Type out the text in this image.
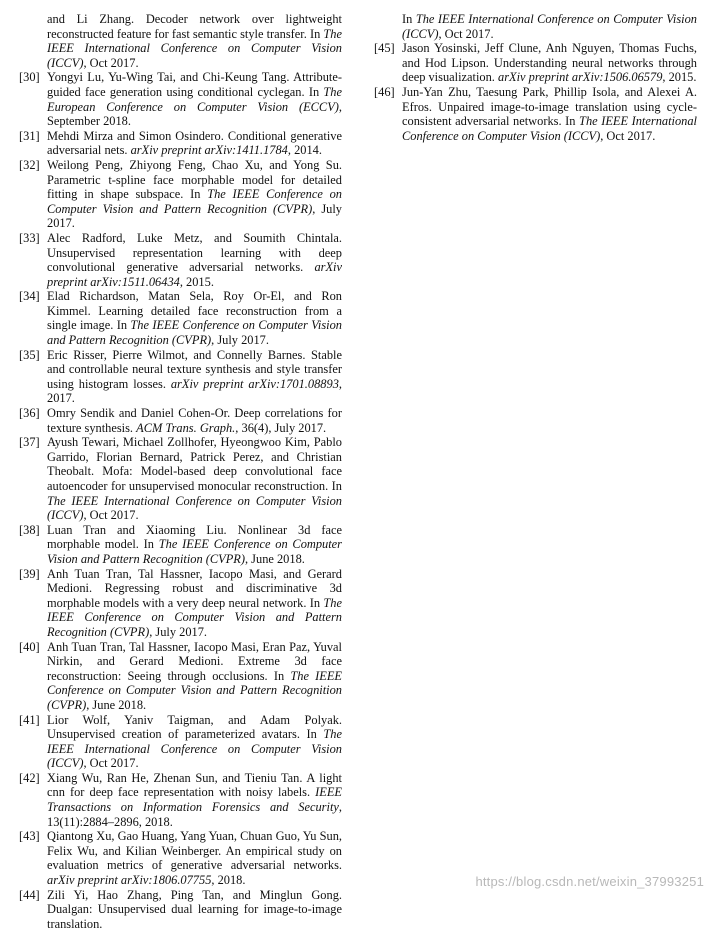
and Li Zhang. Decoder network over lightweight reconstructed feature for fast semantic style transfer. In The IEEE International Conference on Computer Vision (ICCV), Oct 2017.
[30] Yongyi Lu, Yu-Wing Tai, and Chi-Keung Tang. Attribute-guided face generation using conditional cyclegan. In The European Conference on Computer Vision (ECCV), September 2018.
[31] Mehdi Mirza and Simon Osindero. Conditional generative adversarial nets. arXiv preprint arXiv:1411.1784, 2014.
[32] Weilong Peng, Zhiyong Feng, Chao Xu, and Yong Su. Parametric t-spline face morphable model for detailed fitting in shape subspace. In The IEEE Conference on Computer Vision and Pattern Recognition (CVPR), July 2017.
[33] Alec Radford, Luke Metz, and Soumith Chintala. Unsupervised representation learning with deep convolutional generative adversarial networks. arXiv preprint arXiv:1511.06434, 2015.
[34] Elad Richardson, Matan Sela, Roy Or-El, and Ron Kimmel. Learning detailed face reconstruction from a single image. In The IEEE Conference on Computer Vision and Pattern Recognition (CVPR), July 2017.
[35] Eric Risser, Pierre Wilmot, and Connelly Barnes. Stable and controllable neural texture synthesis and style transfer using histogram losses. arXiv preprint arXiv:1701.08893, 2017.
[36] Omry Sendik and Daniel Cohen-Or. Deep correlations for texture synthesis. ACM Trans. Graph., 36(4), July 2017.
[37] Ayush Tewari, Michael Zollhofer, Hyeongwoo Kim, Pablo Garrido, Florian Bernard, Patrick Perez, and Christian Theobalt. Mofa: Model-based deep convolutional face autoencoder for unsupervised monocular reconstruction. In The IEEE International Conference on Computer Vision (ICCV), Oct 2017.
[38] Luan Tran and Xiaoming Liu. Nonlinear 3d face morphable model. In The IEEE Conference on Computer Vision and Pattern Recognition (CVPR), June 2018.
[39] Anh Tuan Tran, Tal Hassner, Iacopo Masi, and Gerard Medioni. Regressing robust and discriminative 3d morphable models with a very deep neural network. In The IEEE Conference on Computer Vision and Pattern Recognition (CVPR), July 2017.
[40] Anh Tuan Tran, Tal Hassner, Iacopo Masi, Eran Paz, Yuval Nirkin, and Gerard Medioni. Extreme 3d face reconstruction: Seeing through occlusions. In The IEEE Conference on Computer Vision and Pattern Recognition (CVPR), June 2018.
[41] Lior Wolf, Yaniv Taigman, and Adam Polyak. Unsupervised creation of parameterized avatars. In The IEEE International Conference on Computer Vision (ICCV), Oct 2017.
[42] Xiang Wu, Ran He, Zhenan Sun, and Tieniu Tan. A light cnn for deep face representation with noisy labels. IEEE Transactions on Information Forensics and Security, 13(11):2884–2896, 2018.
[43] Qiantong Xu, Gao Huang, Yang Yuan, Chuan Guo, Yu Sun, Felix Wu, and Kilian Weinberger. An empirical study on evaluation metrics of generative adversarial networks. arXiv preprint arXiv:1806.07755, 2018.
[44] Zili Yi, Hao Zhang, Ping Tan, and Minglun Gong. Dualgan: Unsupervised dual learning for image-to-image translation.
In The IEEE International Conference on Computer Vision (ICCV), Oct 2017.
[45] Jason Yosinski, Jeff Clune, Anh Nguyen, Thomas Fuchs, and Hod Lipson. Understanding neural networks through deep visualization. arXiv preprint arXiv:1506.06579, 2015.
[46] Jun-Yan Zhu, Taesung Park, Phillip Isola, and Alexei A. Efros. Unpaired image-to-image translation using cycle-consistent adversarial networks. In The IEEE International Conference on Computer Vision (ICCV), Oct 2017.
https://blog.csdn.net/weixin_37993251
